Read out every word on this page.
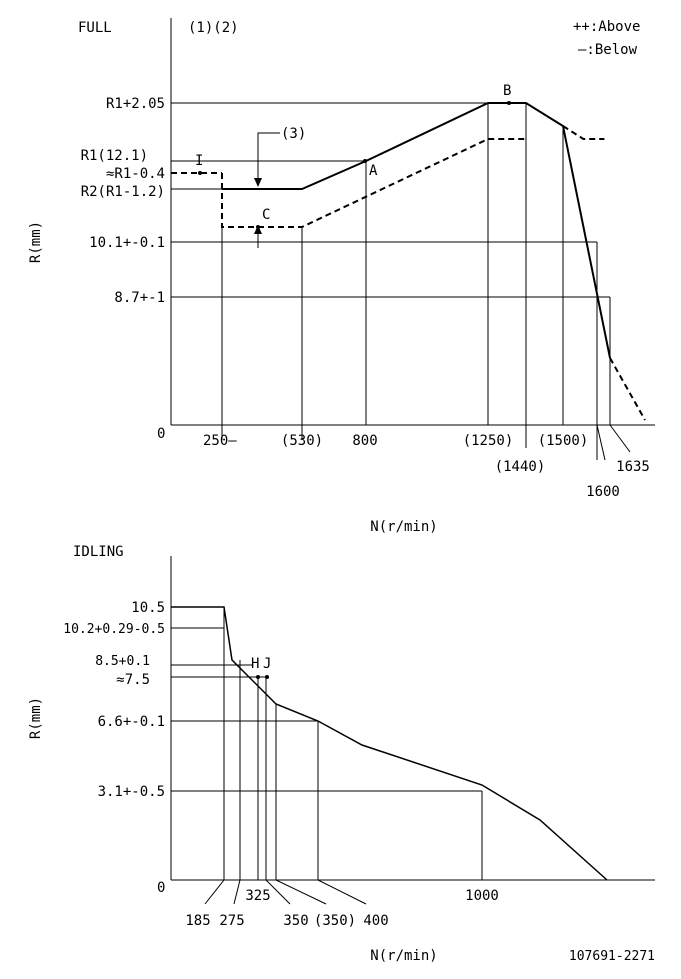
FULL	(1)(2)	++:Above
—:Below
A
B
C
I
(3)
R1+2.05
R1(12.1)
≈R1-0.4
R2(R1-1.2)
10.1+-0.1
8.7+-1
0	250—	(530) 800	(1250)
(1440)
(1500)
1600
1635
N(r/min)
R(mm)
IDLING
H J
10.5
10.2+0.29-0.5
8.5+0.1
≈7.5
6.6+-0.1
3.1+-0.5
0
185 275
325
350 (350) 400
1000
N(r/min)
R(mm)
107691-2271
